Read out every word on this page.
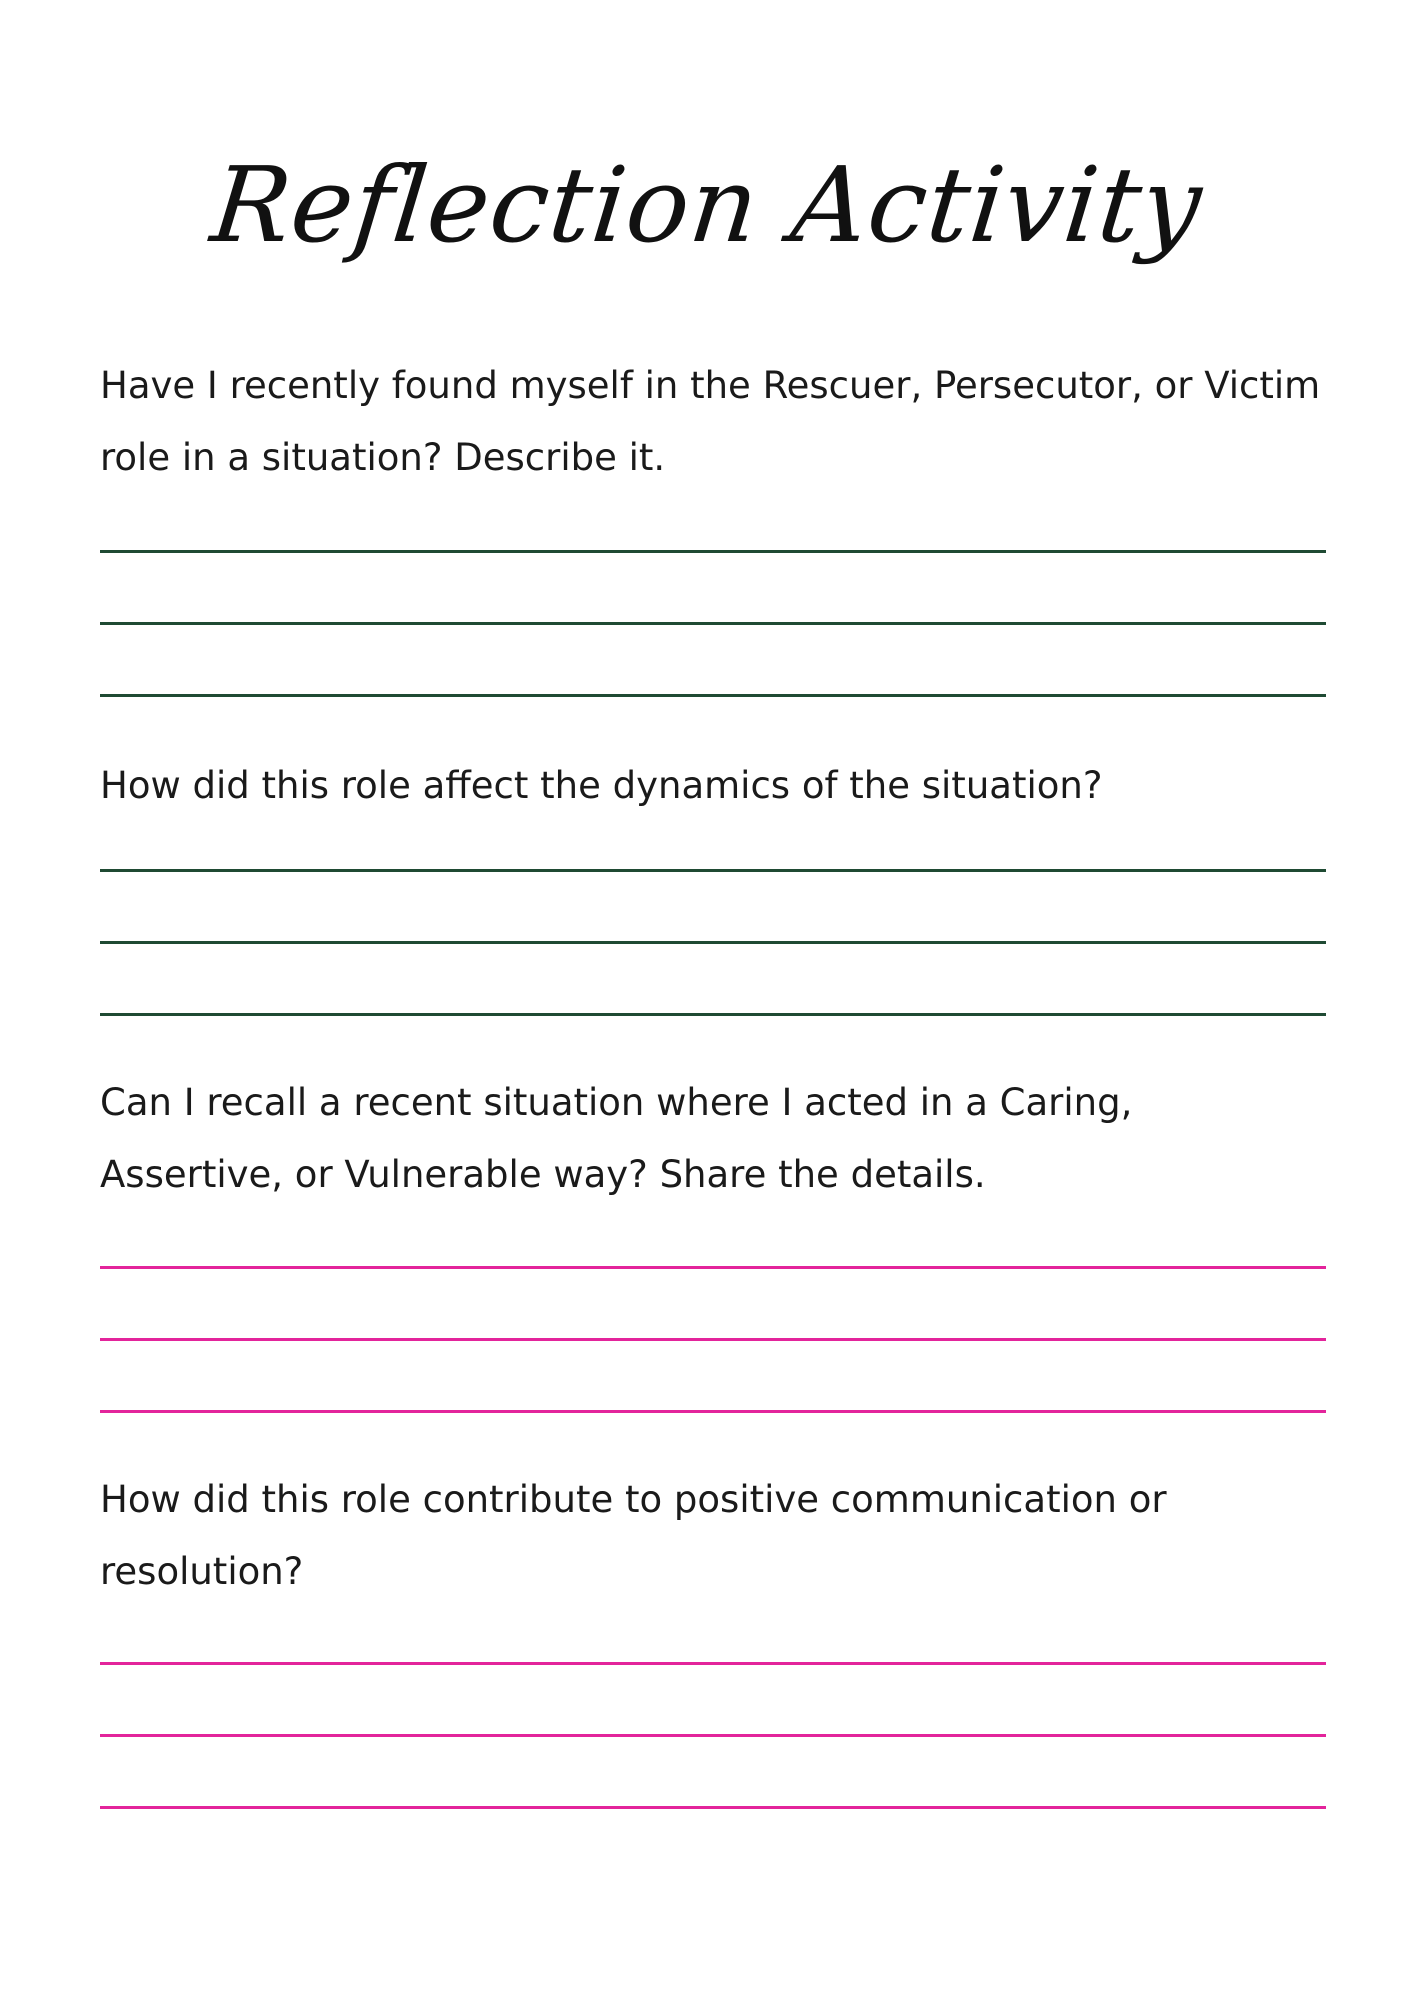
Reflection Activity

Have I recently found myself in the Rescuer, Persecutor, or Victim role in a situation? Describe it.

How did this role affect the dynamics of the situation?

Can I recall a recent situation where I acted in a Caring, Assertive, or Vulnerable way? Share the details.

How did this role contribute to positive communication or resolution?
